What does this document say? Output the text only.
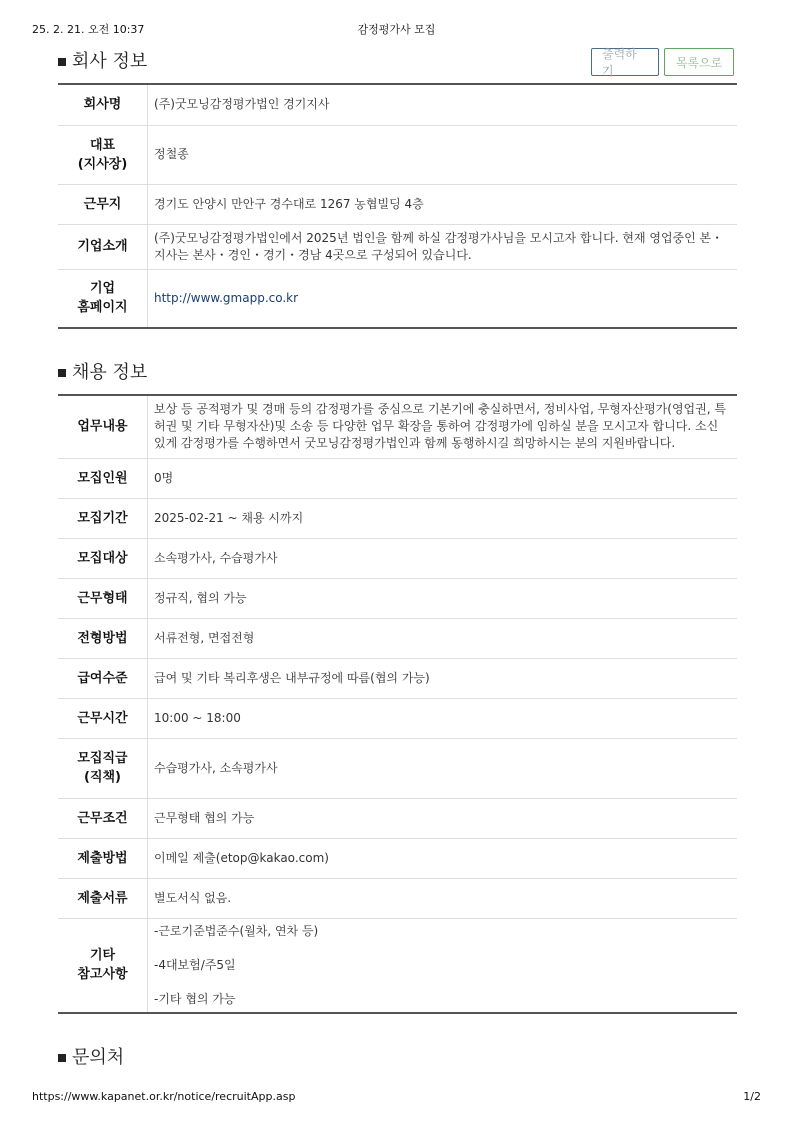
25. 2. 21. 오전 10:37	감정평가사 모집
회사 정보	출력하기
목록으로
회사명	(주)굿모닝감정평가법인 경기지사
대표
(지사장)	정철종
근무지	경기도 안양시 만안구 경수대로 1267 농협빌딩 4층
기업소개	(주)굿모닝감정평가법인에서 2025년 법인을 함께 하실 감정평가사님을 모시고자 합니다. 현재 영업중인 본・지사는 본사・경인・경기・경남 4곳으로 구성되어 있습니다.
기업
홈페이지	http://www.gmapp.co.kr
채용 정보
업무내용	보상 등 공적평가 및 경매 등의 감정평가를 중심으로 기본기에 충실하면서, 정비사업, 무형자산평가(영업권, 특허권 및 기타 무형자산)및 소송 등 다양한 업무 확장을 통하여 감정평가에 임하실 분을 모시고자 합니다. 소신있게 감정평가를 수행하면서 굿모닝감정평가법인과 함께 동행하시길 희망하시는 분의 지원바랍니다.
모집인원	0명
모집기간	2025-02-21 ~ 채용 시까지
모집대상	소속평가사, 수습평가사
근무형태	정규직, 협의 가능
전형방법	서류전형, 면접전형
급여수준	급여 및 기타 복리후생은 내부규정에 따름(협의 가능)
근무시간	10:00 ~ 18:00
모집직급
(직책)	수습평가사, 소속평가사
근무조건	근무형태 협의 가능
제출방법	이메일 제출(etop@kakao.com)
제출서류	별도서식 없음.
기타
참고사항	-근로기준법준수(월차, 연차 등)
-4대보험/주5일
-기타 협의 가능
문의처
https://www.kapanet.or.kr/notice/recruitApp.asp	1/2
